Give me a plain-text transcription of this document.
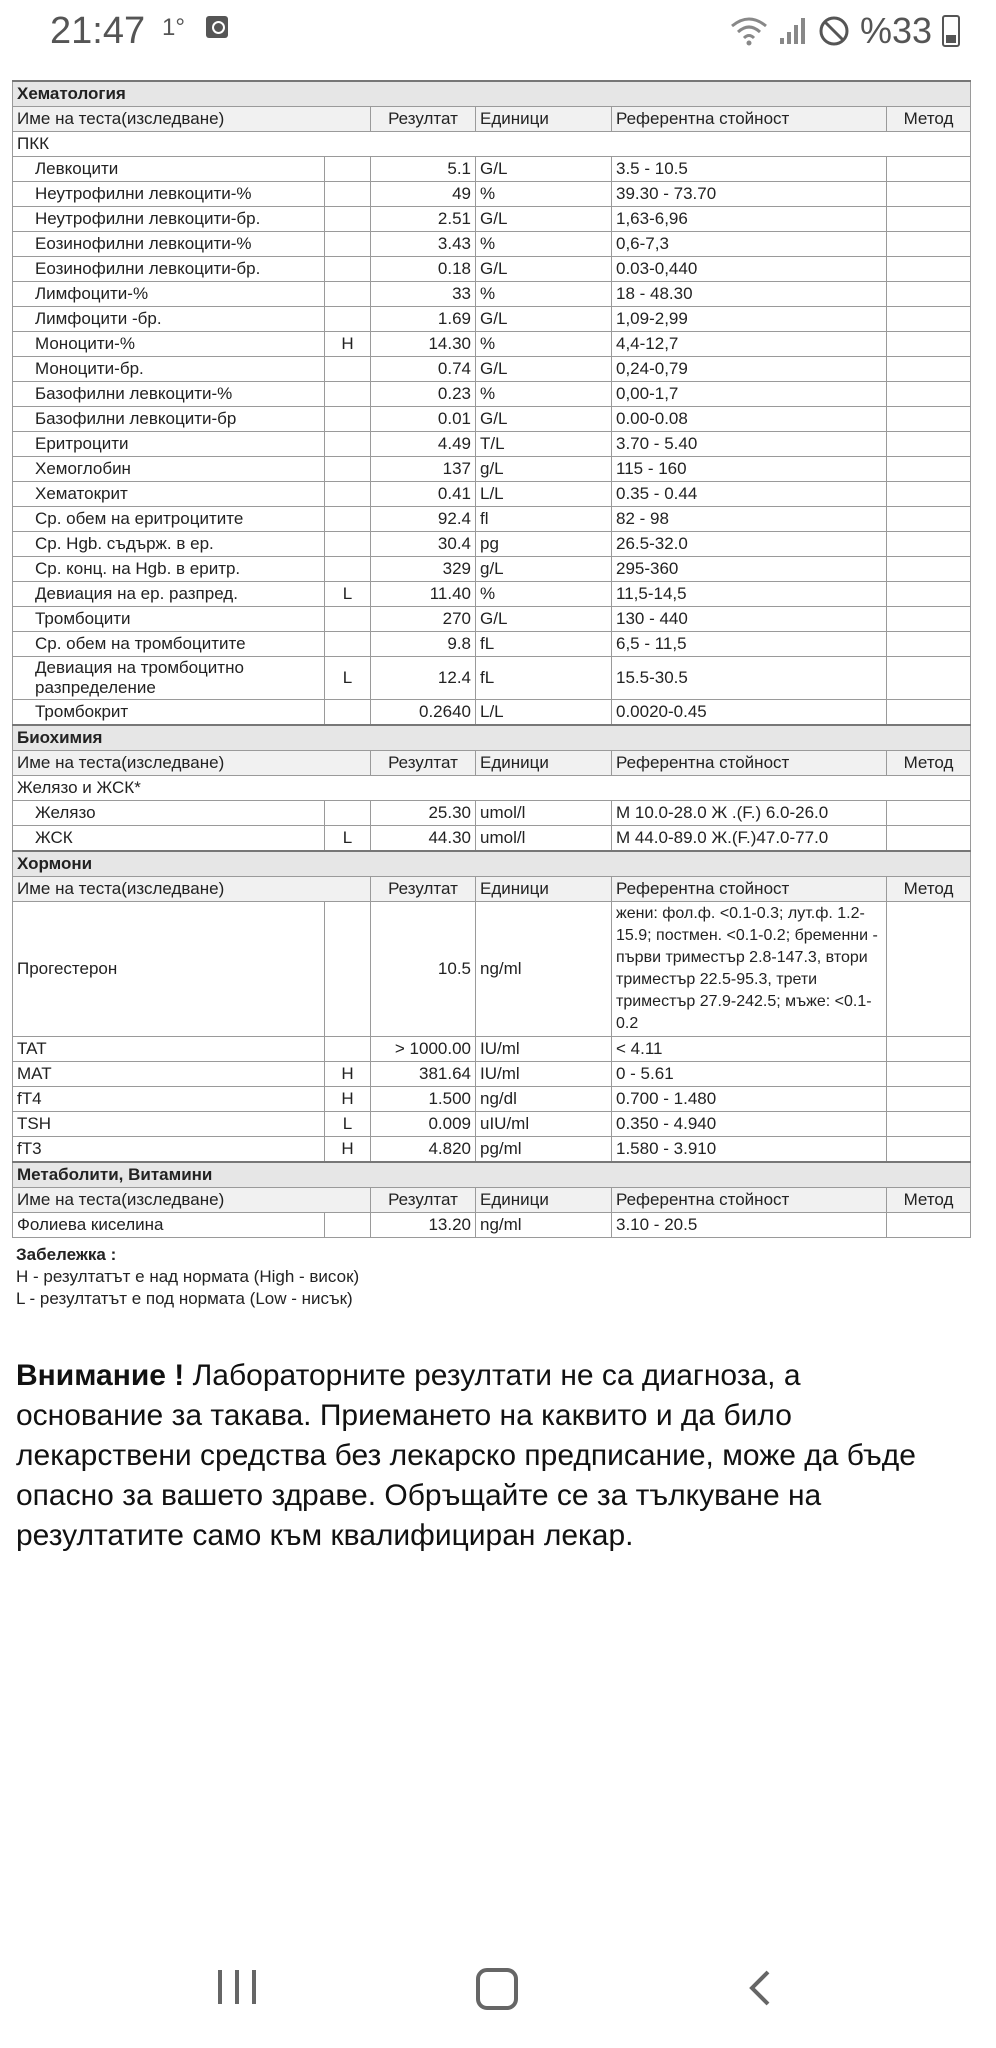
21:47 1°	%33
Хематология					
Име на теста(изследване)		Резултат	Единици	Референтна стойност	Метод
ПКК					
Левкоцити		5.1	G/L	3.5 - 10.5	
Неутрофилни левкоцити-%		49	%	39.30 - 73.70	
Неутрофилни левкоцити-бр.		2.51	G/L	1,63-6,96	
Еозинофилни левкоцити-%		3.43	%	0,6-7,3	
Еозинофилни левкоцити-бр.		0.18	G/L	0.03-0,440	
Лимфоцити-%		33	%	18 - 48.30	
Лимфоцити -бр.		1.69	G/L	1,09-2,99	
Моноцити-%	H	14.30	%	4,4-12,7	
Моноцити-бр.		0.74	G/L	0,24-0,79	
Базофилни левкоцити-%		0.23	%	0,00-1,7	
Базофилни левкоцити-бр		0.01	G/L	0.00-0.08	
Еритроцити		4.49	T/L	3.70 - 5.40	
Хемоглобин		137	g/L	115 - 160	
Хематокрит		0.41	L/L	0.35 - 0.44	
Ср. обем на еритроцитите		92.4	fl	82 - 98	
Ср. Hgb. съдърж. в ер.		30.4	pg	26.5-32.0	
Ср. конц. на Hgb. в еритр.		329	g/L	295-360	
Девиация на ер. разпред.	L	11.40	%	11,5-14,5	
Тромбоцити		270	G/L	130 - 440	
Ср. обем на тромбоцитите		9.8	fL	6,5 - 11,5	
Девиация на тромбоцитно разпределение	L	12.4	fL	15.5-30.5	
Тромбокрит		0.2640	L/L	0.0020-0.45	
Биохимия					
Име на теста(изследване)		Резултат	Единици	Референтна стойност	Метод
Желязо и ЖСК*					
Желязо		25.30	umol/l	М 10.0-28.0 Ж .(F.) 6.0-26.0	
ЖСК	L	44.30	umol/l	М 44.0-89.0 Ж.(F.)47.0-77.0	
Хормони					
Име на теста(изследване)		Резултат	Единици	Референтна стойност	Метод
Прогестерон		10.5	ng/ml	жени: фол.ф. <0.1-0.3; лут.ф. 1.2-15.9; постмен. <0.1-0.2; бременни - първи триместър 2.8-147.3, втори триместър 22.5-95.3, трети триместър 27.9-242.5; мъже: <0.1-0.2	
TAT		> 1000.00	IU/ml	< 4.11	
MAT	H	381.64	IU/ml	0 - 5.61	
fT4	H	1.500	ng/dl	0.700 - 1.480	
TSH	L	0.009	uIU/ml	0.350 - 4.940	
fT3	H	4.820	pg/ml	1.580 - 3.910	
Метаболити, Витамини					
Име на теста(изследване)		Резултат	Единици	Референтна стойност	Метод
Фолиева киселина		13.20	ng/ml	3.10 - 20.5	
Забележка :
H - резултатът е над нормата (High - висок)
L - резултатът е под нормата (Low - нисък)
Внимание ! Лабораторните резултати не са диагноза, а основание за такава. Приемането на каквито и да било лекарствени средства без лекарско предписание, може да бъде опасно за вашето здраве. Обръщайте се за тълкуване на резултатите само към квалифициран лекар.
